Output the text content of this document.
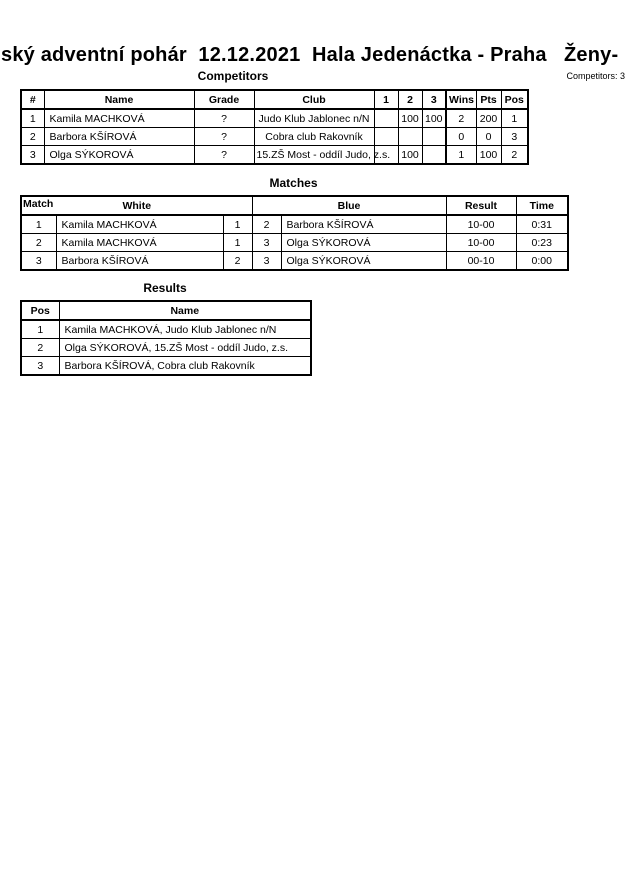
ský adventní pohár  12.12.2021  Hala Jedenáctka - Praha   Ženy-
Competitors	Competitors: 3
#	Name	Grade	Club	1	2	3	Wins	Pts	Pos
1	Kamila MACHKOVÁ	?	Judo Klub Jablonec n/N		100	100	2	200	1
2	Barbora KŠÍROVÁ	?	Cobra club Rakovník				0	0	3
3	Olga SÝKOROVÁ	?	15.ZŠ Most - oddíl Judo, z.s.		100		1	100	2
Matches
Match White			Blue		Result	Time
1	Kamila MACHKOVÁ	1	2	Barbora KŠÍROVÁ	10-00	0:31
2	Kamila MACHKOVÁ	1	3	Olga SÝKOROVÁ	10-00	0:23
3	Barbora KŠÍROVÁ	2	3	Olga SÝKOROVÁ	00-10	0:00
Results
Pos	Name
1	Kamila MACHKOVÁ, Judo Klub Jablonec n/N
2	Olga SÝKOROVÁ, 15.ZŠ Most - oddíl Judo, z.s.
3	Barbora KŠÍROVÁ, Cobra club Rakovník
